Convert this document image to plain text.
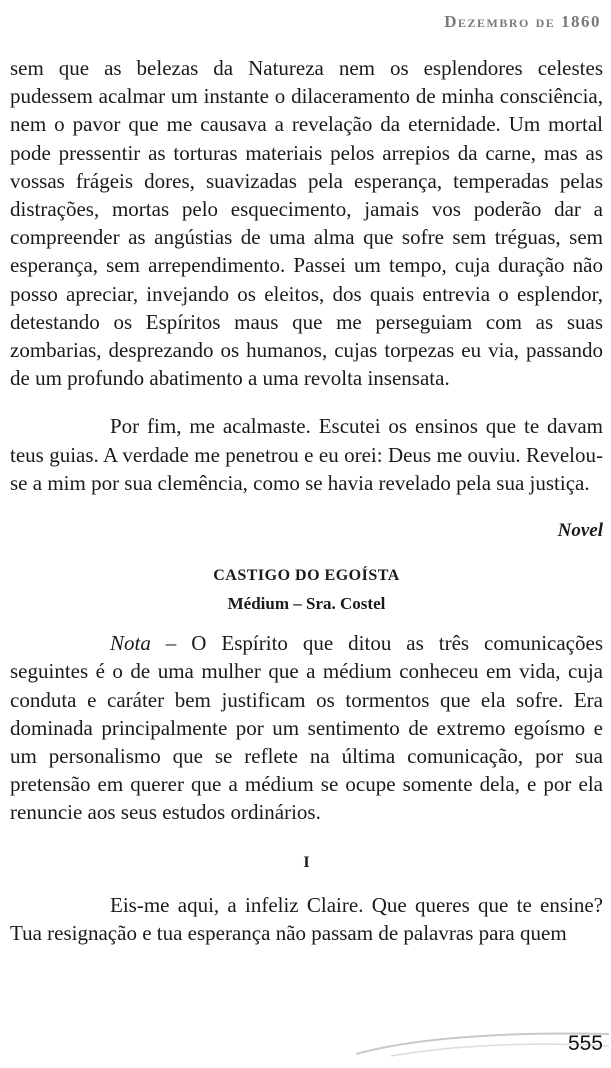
Dezembro de 1860

sem que as belezas da Natureza nem os esplendores celestes pudessem acalmar um instante o dilaceramento de minha consciência, nem o pavor que me causava a revelação da eternidade. Um mortal pode pressentir as torturas materiais pelos arrepios da carne, mas as vossas frágeis dores, suavizadas pela esperança, temperadas pelas distrações, mortas pelo esquecimento, jamais vos poderão dar a compreender as angústias de uma alma que sofre sem tréguas, sem esperança, sem arrependimento. Passei um tempo, cuja duração não posso apreciar, invejando os eleitos, dos quais entrevia o esplendor, detestando os Espíritos maus que me perseguiam com as suas zombarias, desprezando os humanos, cujas torpezas eu via, passando de um profundo abatimento a uma revolta insensata.

Por fim, me acalmaste. Escutei os ensinos que te davam teus guias. A verdade me penetrou e eu orei: Deus me ouviu. Revelou-se a mim por sua clemência, como se havia revelado pela sua justiça.

Novel

CASTIGO DO EGOÍSTA

Médium – Sra. Costel

Nota – O Espírito que ditou as três comunicações seguintes é o de uma mulher que a médium conheceu em vida, cuja conduta e caráter bem justificam os tormentos que ela sofre. Era dominada principalmente por um sentimento de extremo egoísmo e um personalismo que se reflete na última comunicação, por sua pretensão em querer que a médium se ocupe somente dela, e por ela renuncie aos seus estudos ordinários.

I

Eis-me aqui, a infeliz Claire. Que queres que te ensine? Tua resignação e tua esperança não passam de palavras para quem

555
